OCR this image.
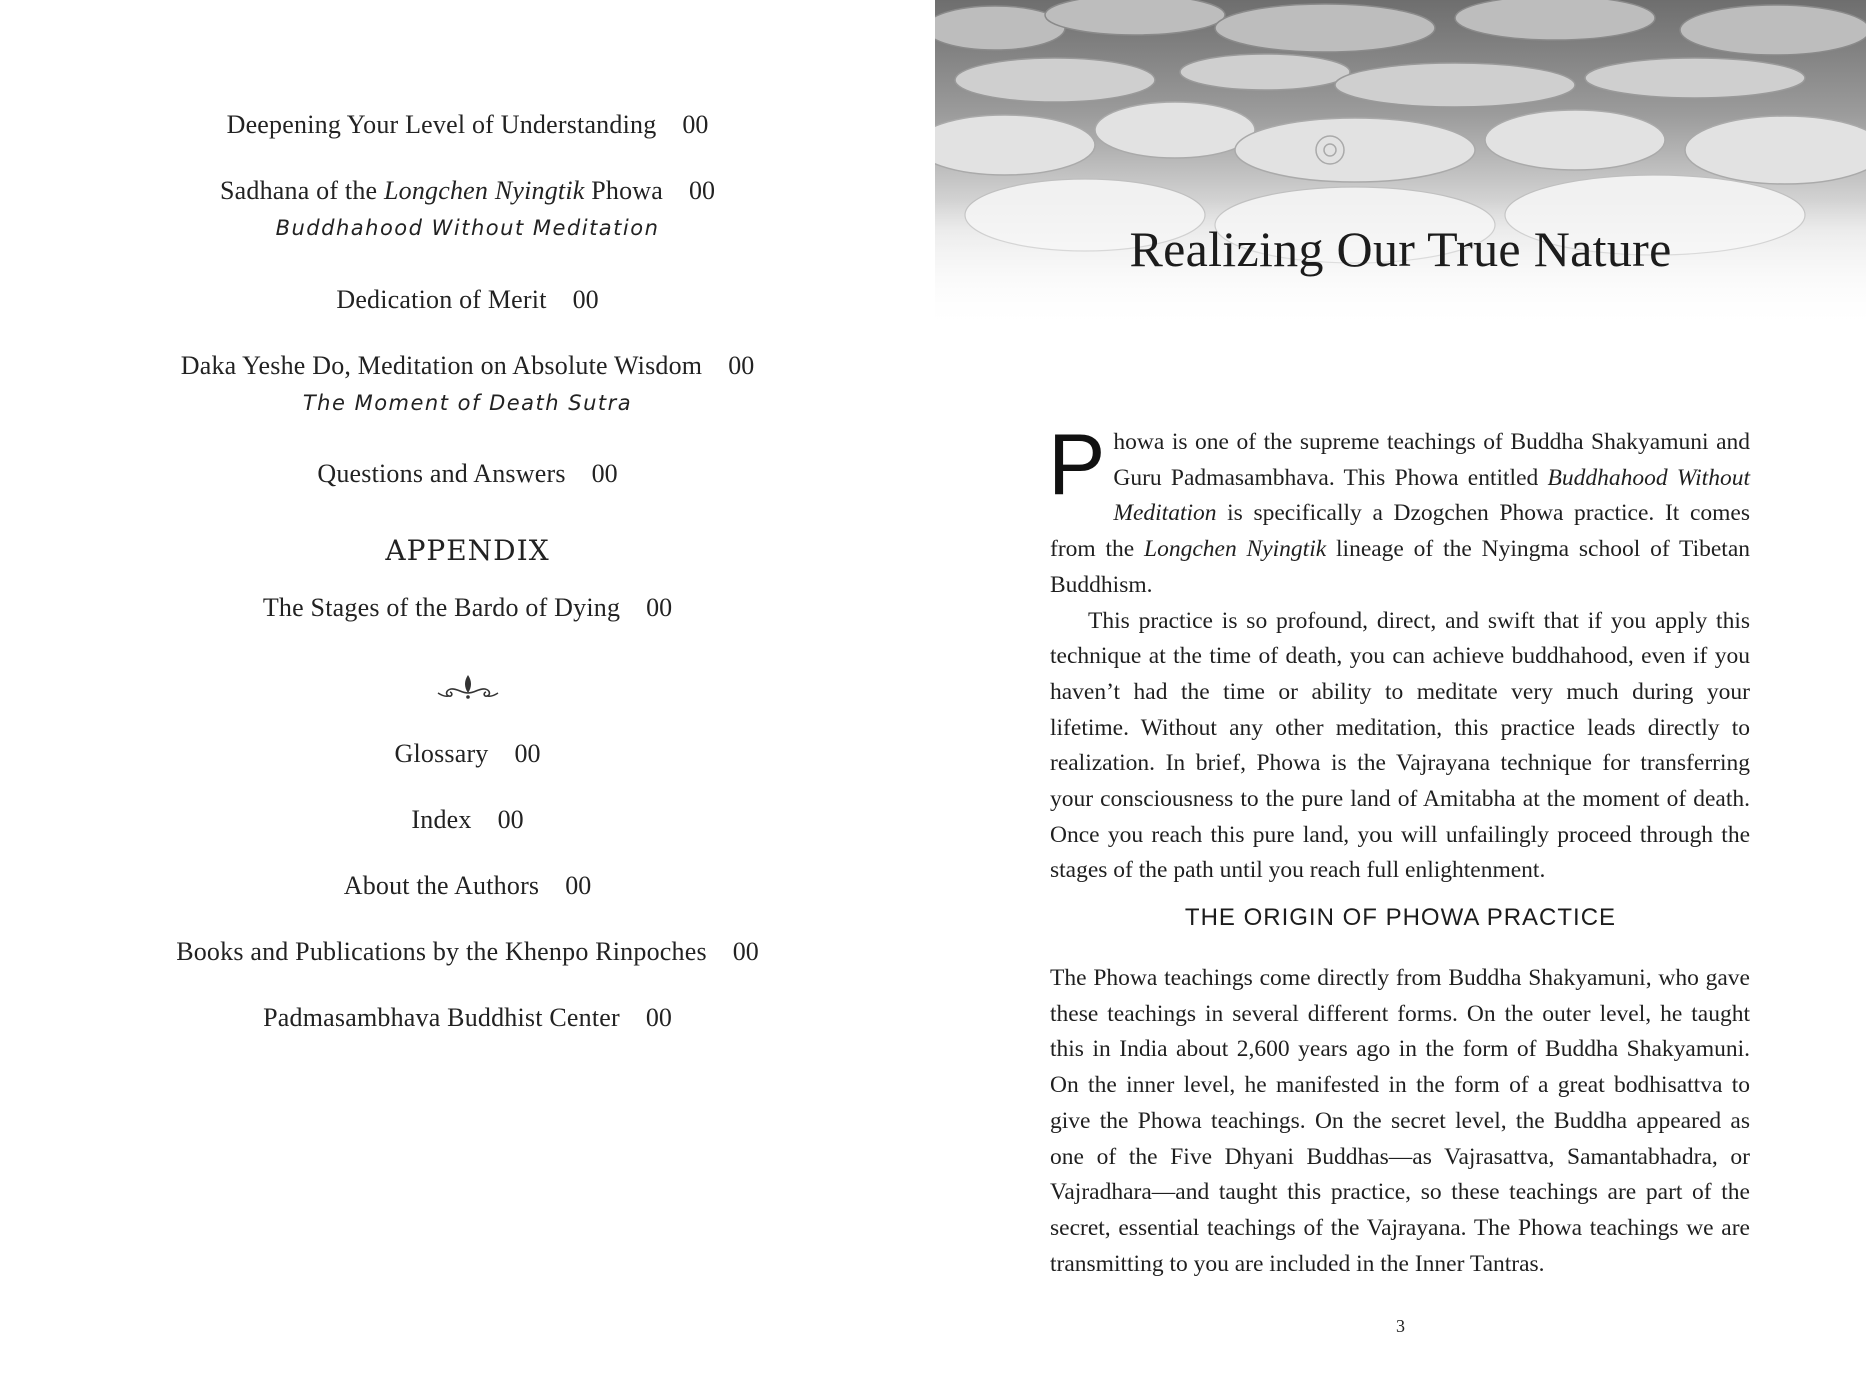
Deepening Your Level of Understanding 00
Sadhana of the Longchen Nyingtik Phowa 00
Buddhahood Without Meditation
Dedication of Merit 00
Daka Yeshe Do, Meditation on Absolute Wisdom 00
The Moment of Death Sutra
Questions and Answers 00
APPENDIX
The Stages of the Bardo of Dying 00
Glossary 00
Index 00
About the Authors 00
Books and Publications by the Khenpo Rinpoches 00
Padmasambhava Buddhist Center 00
Realizing Our True Nature

Phowa is one of the supreme teachings of Buddha Shakyamuni and Guru Padmasambhava. This Phowa entitled Buddhahood Without Meditation is specifically a Dzogchen Phowa practice. It comes from the Longchen Nyingtik lineage of the Nyingma school of Tibetan Buddhism.

This practice is so profound, direct, and swift that if you apply this technique at the time of death, you can achieve buddhahood, even if you haven’t had the time or ability to meditate very much during your lifetime. Without any other meditation, this practice leads directly to realization. In brief, Phowa is the Vajrayana technique for transferring your consciousness to the pure land of Amitabha at the moment of death. Once you reach this pure land, you will unfailingly proceed through the stages of the path until you reach full enlightenment.

THE ORIGIN OF PHOWA PRACTICE

The Phowa teachings come directly from Buddha Shakyamuni, who gave these teachings in several different forms. On the outer level, he taught this in India about 2,600 years ago in the form of Buddha Shakyamuni. On the inner level, he manifested in the form of a great bodhisattva to give the Phowa teachings. On the secret level, the Buddha appeared as one of the Five Dhyani Buddhas—as Vajrasattva, Samantabhadra, or Vajradhara—and taught this practice, so these teachings are part of the secret, essential teachings of the Vajrayana. The Phowa teachings we are transmitting to you are included in the Inner Tantras.

3
